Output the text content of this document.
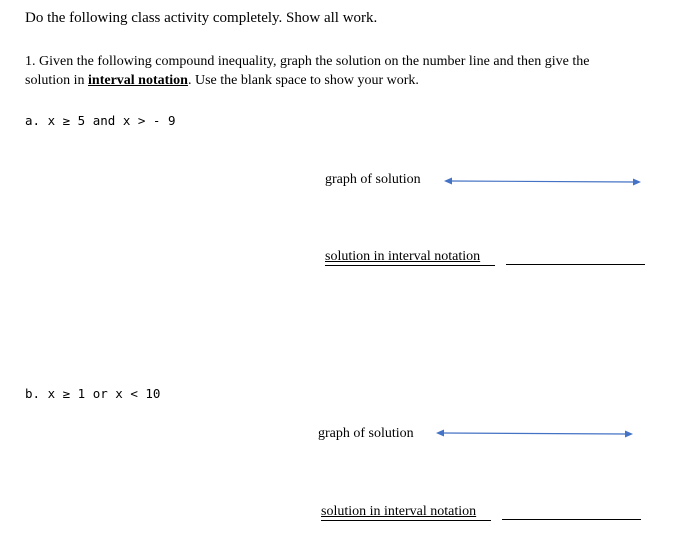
Do the following class activity completely. Show all work.
1. Given the following compound inequality, graph the solution on the number line and then give the
solution in interval notation. Use the blank space to show your work.
a. x ≥ 5 and x > - 9
graph of solution
solution in interval notation
b. x ≥ 1 or x < 10
graph of solution
solution in interval notation
